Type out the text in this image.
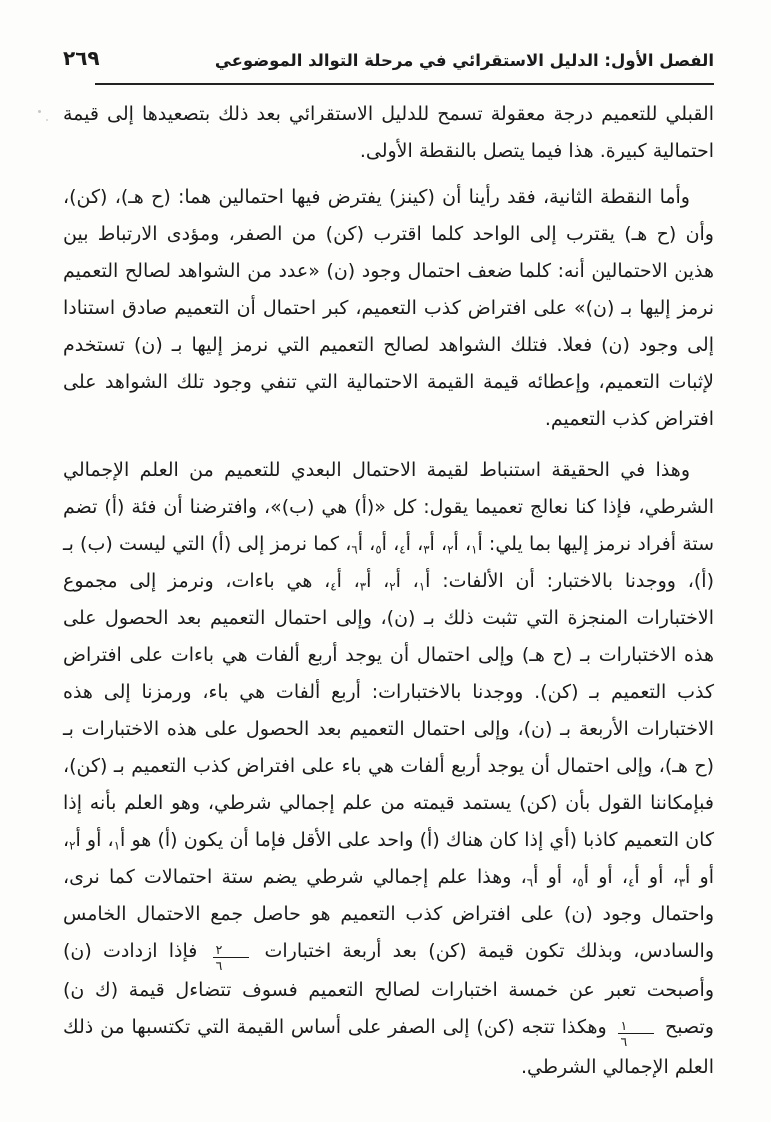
الفصل الأول: الدليل الاستقرائي في مرحلة التوالد الموضوعي
٢٦٩

القبلي للتعميم درجة معقولة تسمح للدليل الاستقرائي بعد ذلك بتصعيدها إلى قيمة احتمالية كبيرة. هذا فيما يتصل بالنقطة الأولى.

وأما النقطة الثانية، فقد رأينا أن (كينز) يفترض فيها احتمالين هما: (ح هـ)، (كن)، وأن (ح هـ) يقترب إلى الواحد كلما اقترب (كن) من الصفر، ومؤدى الارتباط بين هذين الاحتمالين أنه: كلما ضعف احتمال وجود (ن) «عدد من الشواهد لصالح التعميم نرمز إليها بـ (ن)» على افتراض كذب التعميم، كبر احتمال أن التعميم صادق استنادا إلى وجود (ن) فعلا. فتلك الشواهد لصالح التعميم التي نرمز إليها بـ (ن) تستخدم لإثبات التعميم، وإعطائه قيمة القيمة الاحتمالية التي تنفي وجود تلك الشواهد على افتراض كذب التعميم.

وهذا في الحقيقة استنباط لقيمة الاحتمال البعدي للتعميم من العلم الإجمالي الشرطي، فإذا كنا نعالج تعميما يقول: كل «(أ) هي (ب)»، وافترضنا أن فئة (أ) تضم ستة أفراد نرمز إليها بما يلي: أ$_١$، أ$_٢$، أ$_٣$، أ$_٤$، أ$_٥$، أ$_٦$، كما نرمز إلى (أ) التي ليست (ب) بـ (أ)، ووجدنا بالاختبار: أن الألفات: أ$_١$، أ$_٢$، أ$_٣$، أ$_٤$، هي باءات، ونرمز إلى مجموع الاختبارات المنجزة التي تثبت ذلك بـ (ن)، وإلى احتمال التعميم بعد الحصول على هذه الاختبارات بـ (ح هـ) وإلى احتمال أن يوجد أربع ألفات هي باءات على افتراض كذب التعميم بـ (كن). ووجدنا بالاختبارات: أربع ألفات هي باء، ورمزنا إلى هذه الاختبارات الأربعة بـ (ن)، وإلى احتمال التعميم بعد الحصول على هذه الاختبارات بـ (ح هـ)، وإلى احتمال أن يوجد أربع ألفات هي باء على افتراض كذب التعميم بـ (كن)، فبإمكاننا القول بأن (كن) يستمد قيمته من علم إجمالي شرطي، وهو العلم بأنه إذا كان التعميم كاذبا (أي إذا كان هناك (أ) واحد على الأقل فإما أن يكون (أ) هو أ$_١$، أو أ$_٢$، أو أ$_٣$، أو أ$_٤$، أو أ$_٥$، أو أ$_٦$، وهذا علم إجمالي شرطي يضم ستة احتمالات كما نرى، واحتمال وجود (ن) على افتراض كذب التعميم هو حاصل جمع الاحتمال الخامس والسادس، وبذلك تكون قيمة (كن) بعد أربعة اختبارات
$\frac{٢}{٦}$
فإذا ازدادت (ن) وأصبحت تعبر عن خمسة اختبارات لصالح التعميم فسوف تتضاءل قيمة (ك ن) وتصبح
$\frac{١}{٦}$
وهكذا تتجه (كن) إلى الصفر على أساس القيمة التي تكتسبها من ذلك العلم الإجمالي الشرطي.
